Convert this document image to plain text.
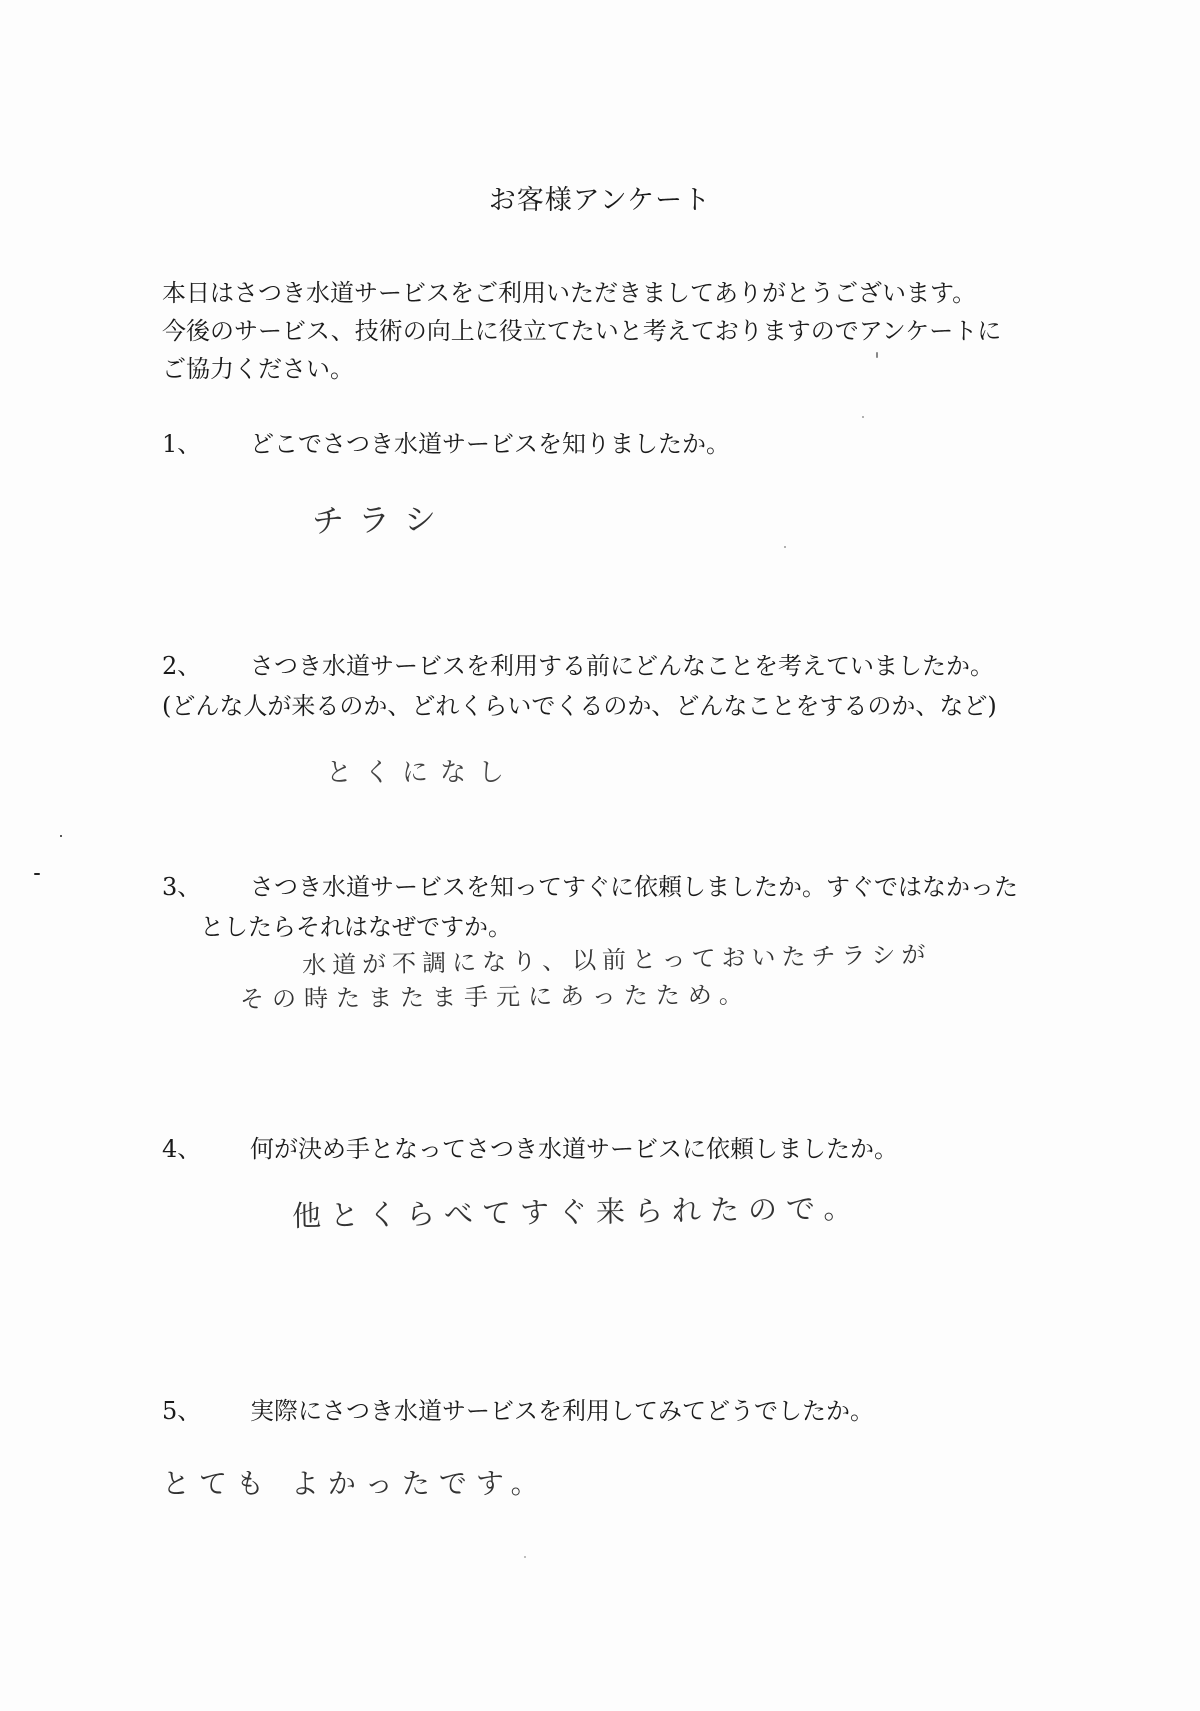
お客様アンケート
本日はさつき水道サービスをご利用いただきましてありがとうございます。
今後のサービス、技術の向上に役立てたいと考えておりますのでアンケートに
ご協力ください。
1、 どこでさつき水道サービスを知りましたか。
チラシ
2、 さつき水道サービスを利用する前にどんなことを考えていましたか。
(どんな人が来るのか、どれくらいでくるのか、どんなことをするのか、など)
とくになし
3、 さつき水道サービスを知ってすぐに依頼しましたか。すぐではなかった
としたらそれはなぜですか。
水道が不調になり、以前とっておいたチラシが
その時たまたま手元にあったため。
4、 何が決め手となってさつき水道サービスに依頼しましたか。
他とくらべてすぐ来られたので。
5、 実際にさつき水道サービスを利用してみてどうでしたか。
とても よかったです。
